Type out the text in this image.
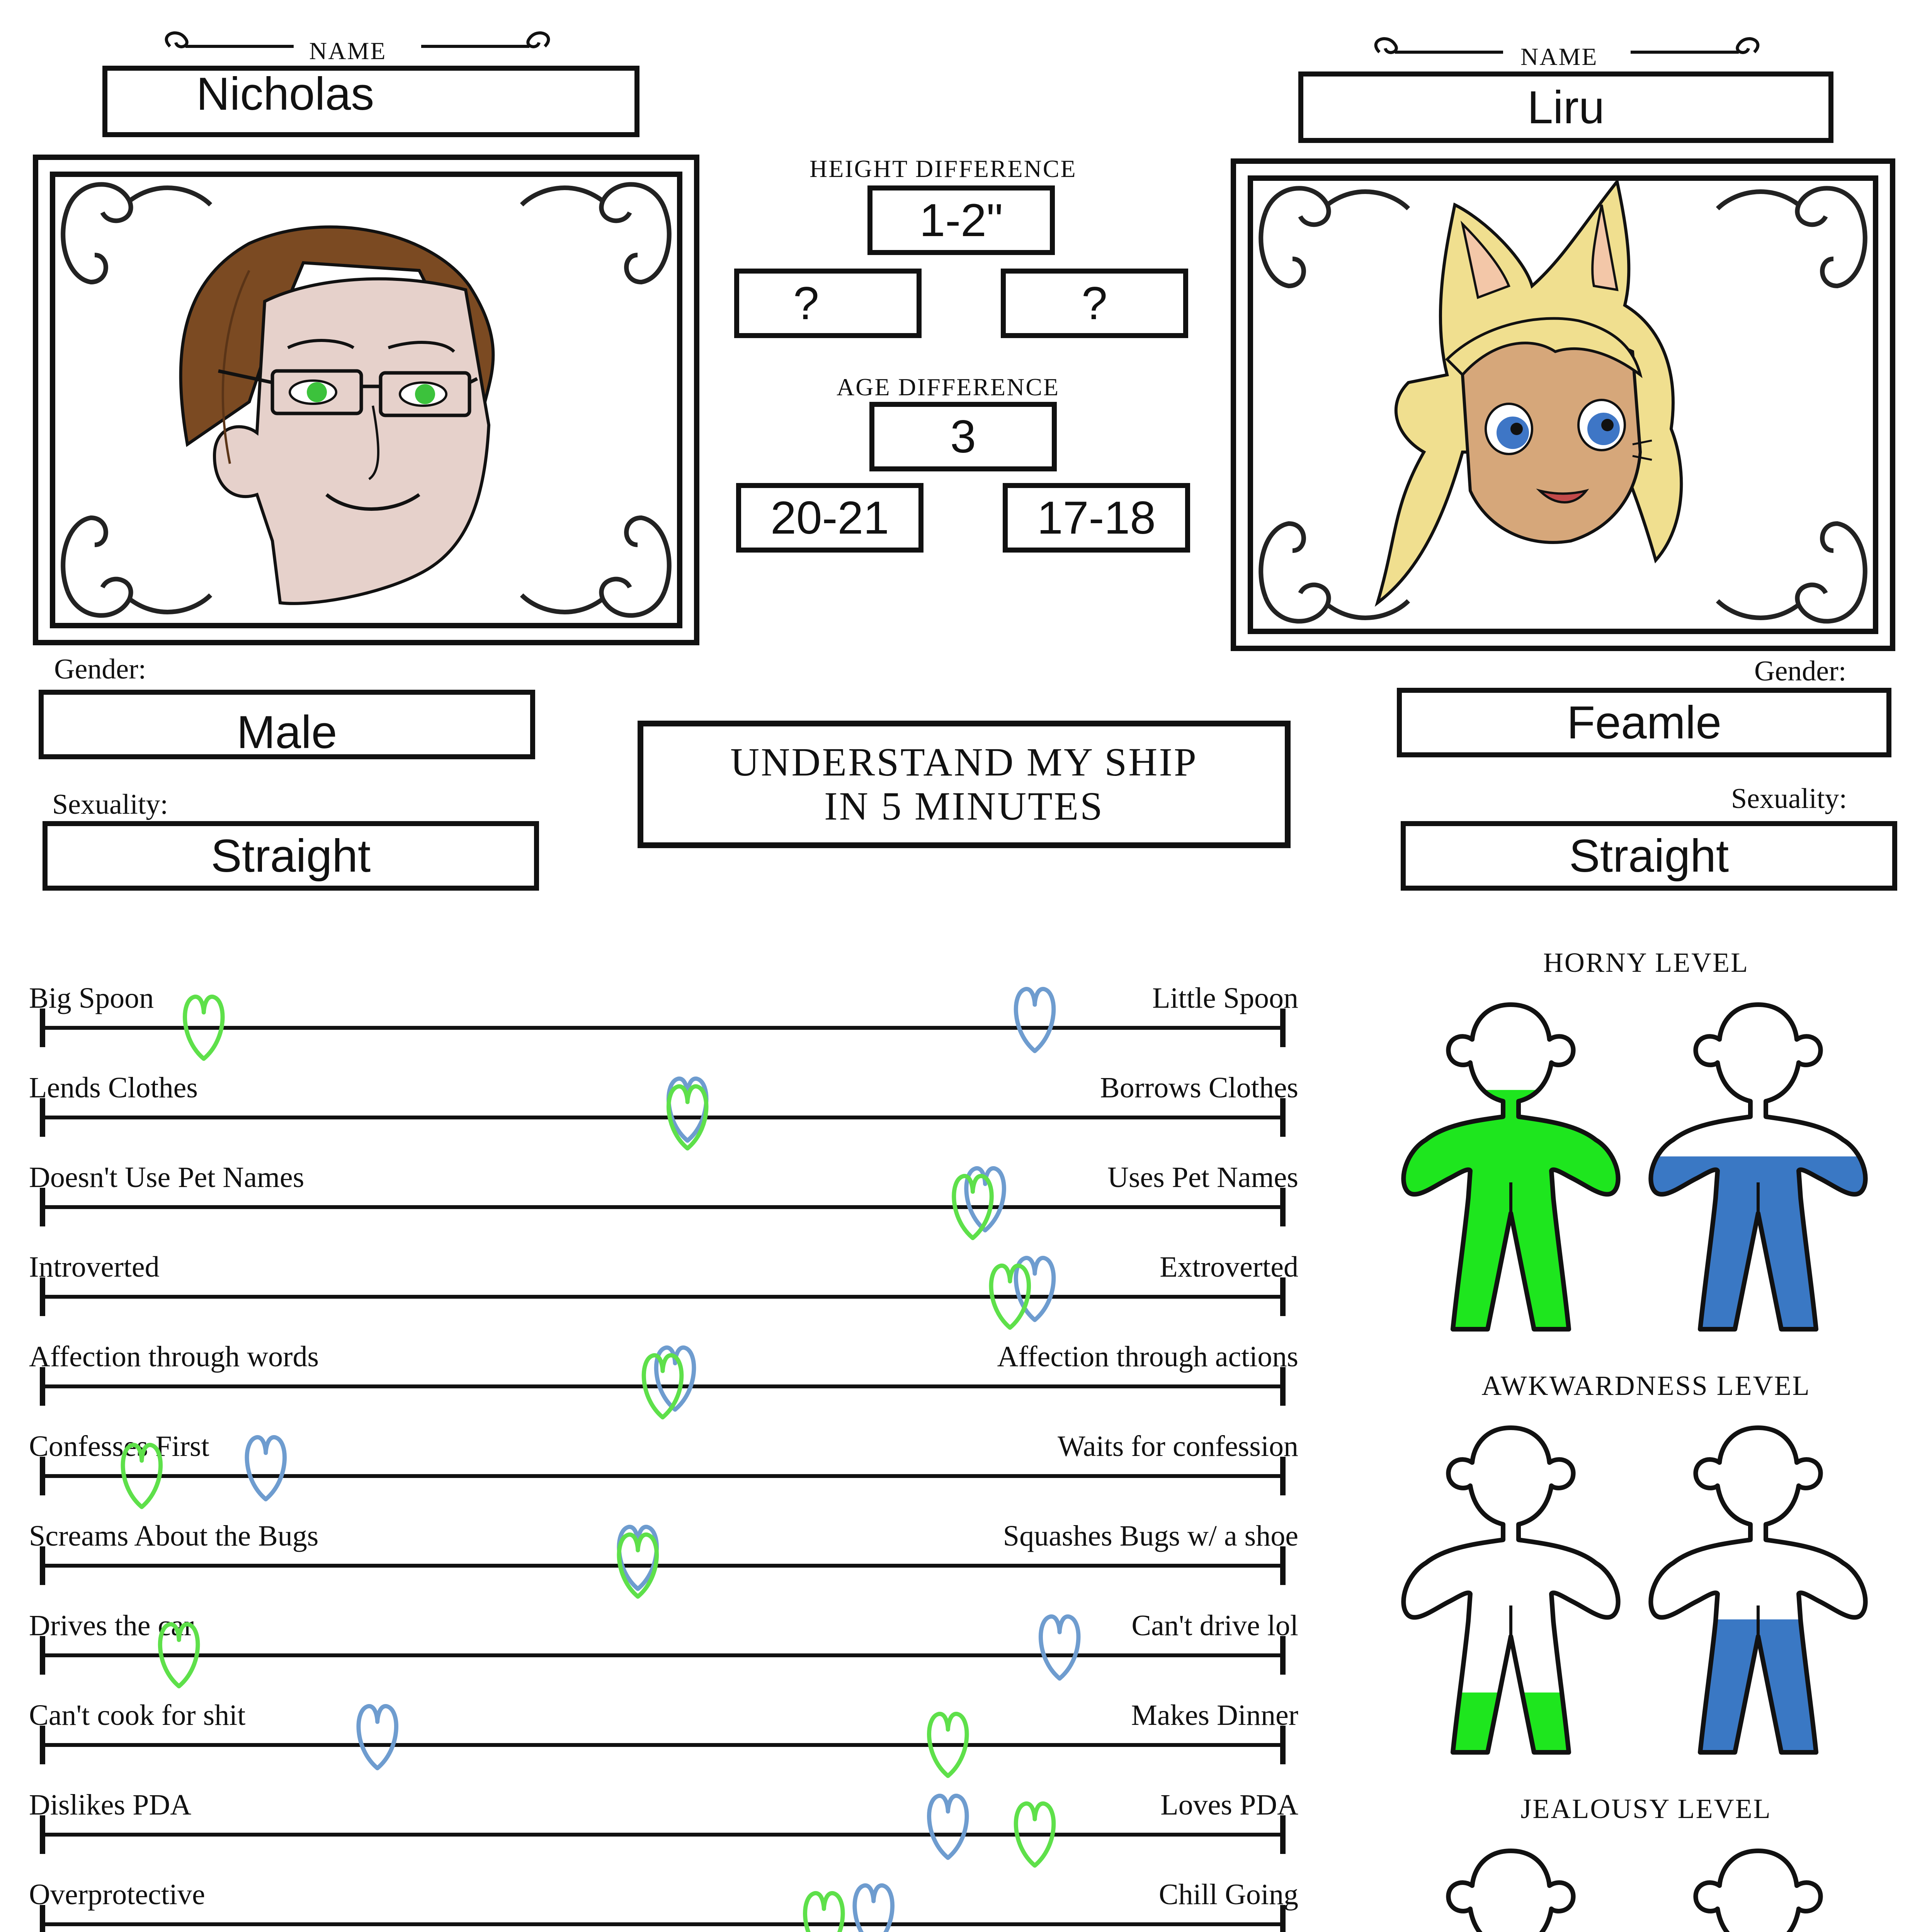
NAME
Nicholas
Gender:
Male
Sexuality:
Straight
NAME
Liru
Gender:
Feamle
Sexuality:
Straight
HEIGHT DIFFERENCE
1-2"
?	?
AGE DIFFERENCE
3
20-21	17-18
UNDERSTAND MY SHIP
IN 5 MINUTES
Big Spoon	Little Spoon
Lends Clothes	Borrows Clothes
Doesn't Use Pet Names	Uses Pet Names
Introverted	Extroverted
Affection through words	Affection through actions
Confesses First	Waits for confession
Screams About the Bugs	Squashes Bugs w/ a shoe
Drives the car	Can't drive lol
Can't cook for shit	Makes Dinner
Dislikes PDA	Loves PDA
Overprotective	Chill Going
HORNY LEVEL
AWKWARDNESS LEVEL
JEALOUSY LEVEL
